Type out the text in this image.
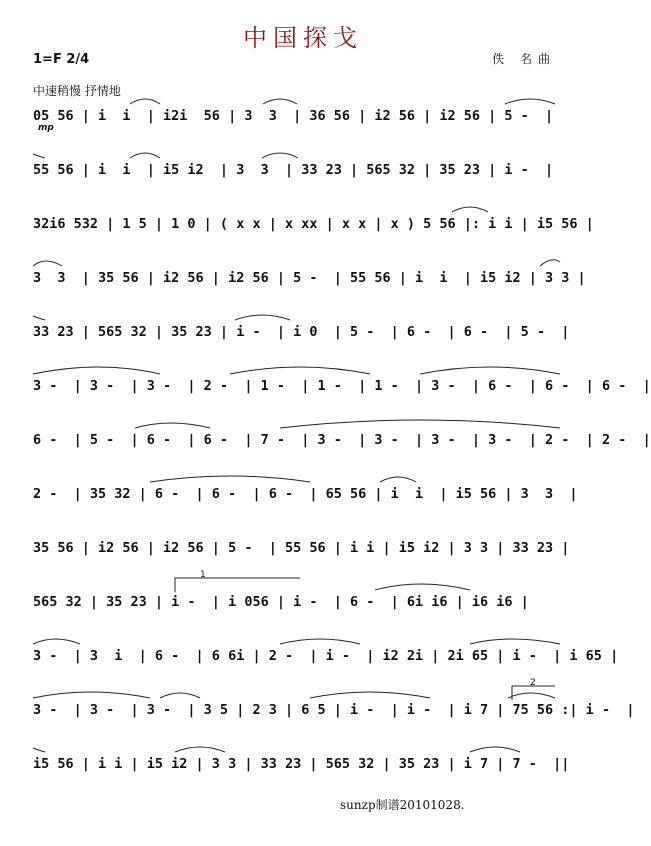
中国探戈
1=F 2/4	佚 名曲
中速稍慢 抒情地
mp
05 56 | i  i  | i2i  56 | 3  3  | 36 56 | i2 56 | i2 56 | 5 -  |
55 56 | i  i  | i5 i2  | 3  3  | 33 23 | 565 32 | 35 23 | i -  |
32i6 532 | 1 5 | 1 0 | ( x x | x xx | x x | x ) 5 56 |: i i | i5 56 |
3  3  | 35 56 | i2 56 | i2 56 | 5 -  | 55 56 | i  i  | i5 i2 | 3 3 |
33 23 | 565 32 | 35 23 | i -  | i 0  | 5 -  | 6 -  | 6 -  | 5 -  |
3 -  | 3 -  | 3 -  | 2 -  | 1 -  | 1 -  | 1 -  | 3 -  | 6 -  | 6 -  | 6 -  |
6 -  | 5 -  | 6 -  | 6 -  | 7 -  | 3 -  | 3 -  | 3 -  | 3 -  | 2 -  | 2 -  |
2 -  | 35 32 | 6 -  | 6 -  | 6 -  | 65 56 | i  i  | i5 56 | 3  3  |
35 56 | i2 56 | i2 56 | 5 -  | 55 56 | i i | i5 i2 | 3 3 | 33 23 |
565 32 | 35 23 | i -  | i 056 | i -  | 6 -  | 6i i6 | i6 i6 |
3 -  | 3  i  | 6 -  | 6 6i | 2 -  | i -  | i2 2i | 2i 65 | i -  | i 65 |
3 -  | 3 -  | 3 -  | 3 5 | 2 3 | 6 5 | i -  | i -  | i 7 | 75 56 :| i -  |
i5 56 | i i | i5 i2 | 3 3 | 33 23 | 565 32 | 35 23 | i 7 | 7 -  ||
1
2
sunzp制谱20101028.
